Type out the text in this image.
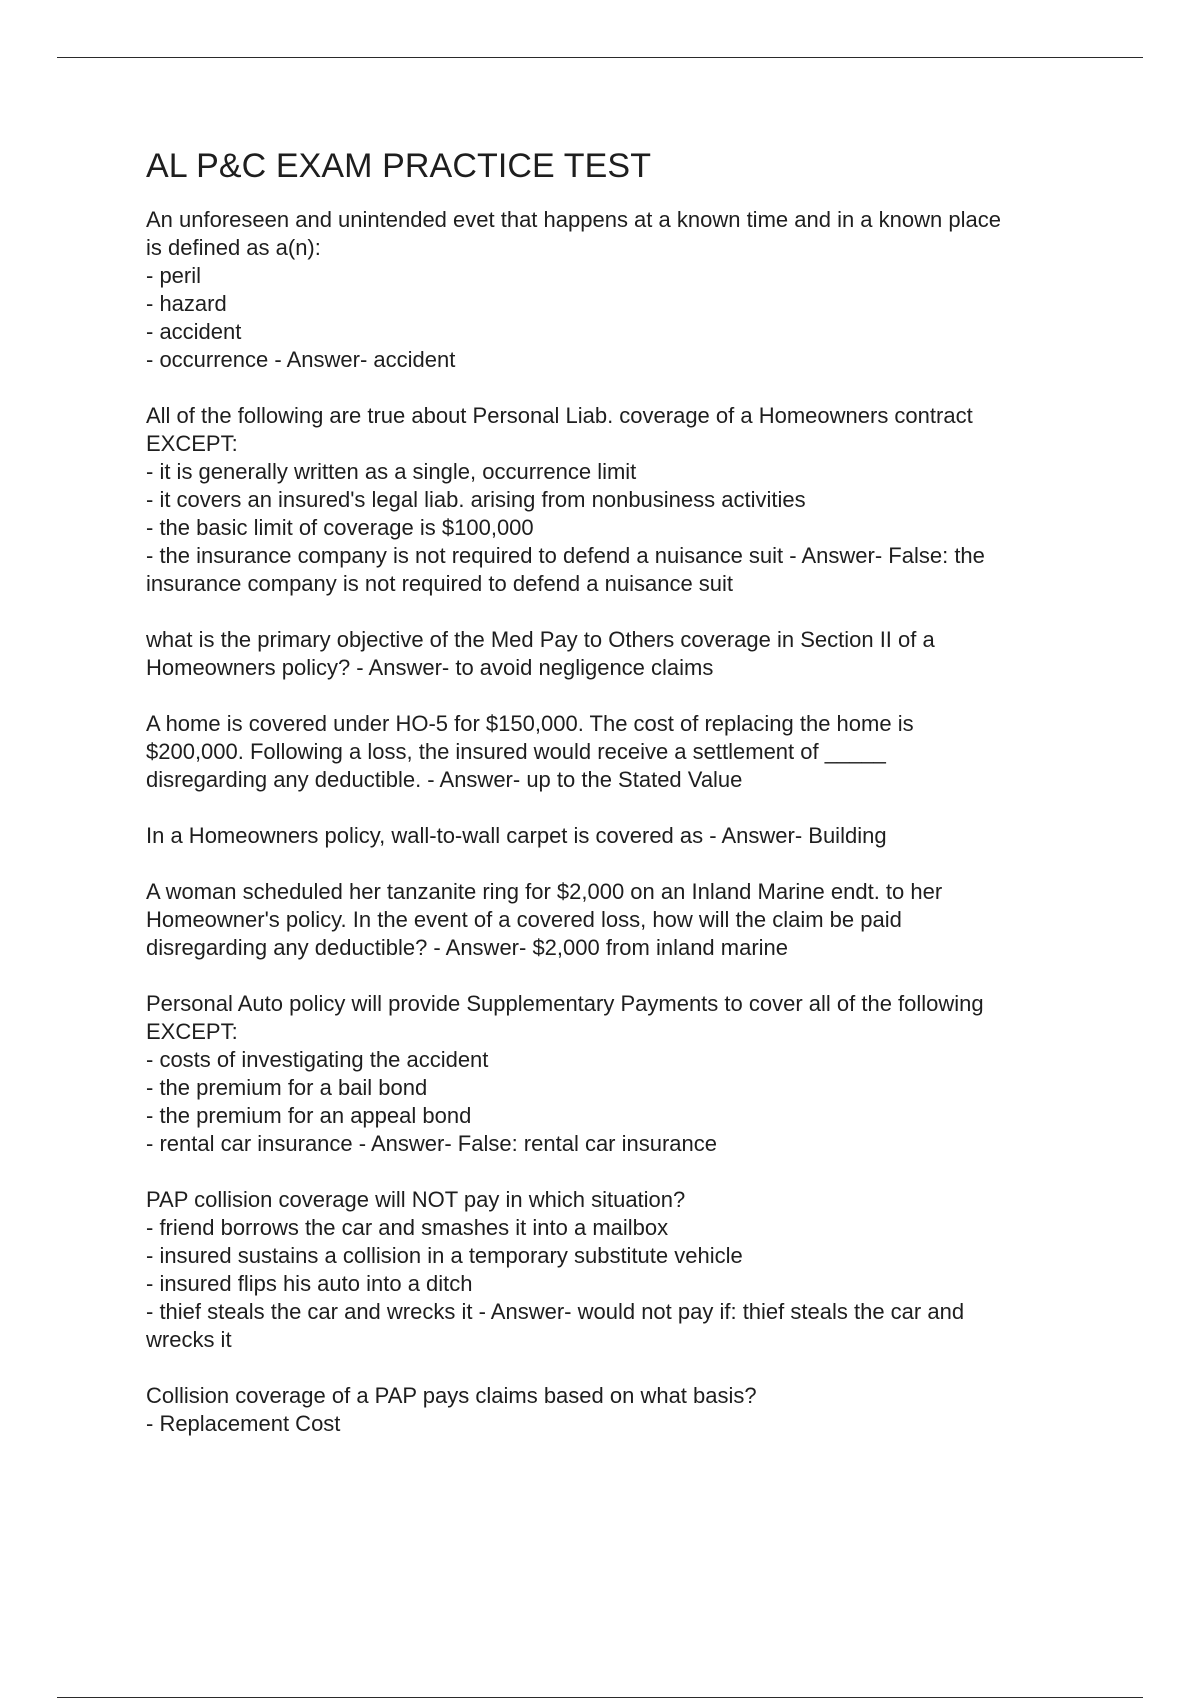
AL P&C EXAM PRACTICE TEST
An unforeseen and unintended evet that happens at a known time and in a known place
is defined as a(n):
- peril
- hazard
- accident
- occurrence - Answer- accident
All of the following are true about Personal Liab. coverage of a Homeowners contract
EXCEPT:
- it is generally written as a single, occurrence limit
- it covers an insured's legal liab. arising from nonbusiness activities
- the basic limit of coverage is $100,000
- the insurance company is not required to defend a nuisance suit - Answer- False: the
insurance company is not required to defend a nuisance suit
what is the primary objective of the Med Pay to Others coverage in Section II of a
Homeowners policy? - Answer- to avoid negligence claims
A home is covered under HO-5 for $150,000. The cost of replacing the home is
$200,000. Following a loss, the insured would receive a settlement of _____
disregarding any deductible. - Answer- up to the Stated Value
In a Homeowners policy, wall-to-wall carpet is covered as - Answer- Building
A woman scheduled her tanzanite ring for $2,000 on an Inland Marine endt. to her
Homeowner's policy. In the event of a covered loss, how will the claim be paid
disregarding any deductible? - Answer- $2,000 from inland marine
Personal Auto policy will provide Supplementary Payments to cover all of the following
EXCEPT:
- costs of investigating the accident
- the premium for a bail bond
- the premium for an appeal bond
- rental car insurance - Answer- False: rental car insurance
PAP collision coverage will NOT pay in which situation?
- friend borrows the car and smashes it into a mailbox
- insured sustains a collision in a temporary substitute vehicle
- insured flips his auto into a ditch
- thief steals the car and wrecks it - Answer- would not pay if: thief steals the car and
wrecks it
Collision coverage of a PAP pays claims based on what basis?
- Replacement Cost
